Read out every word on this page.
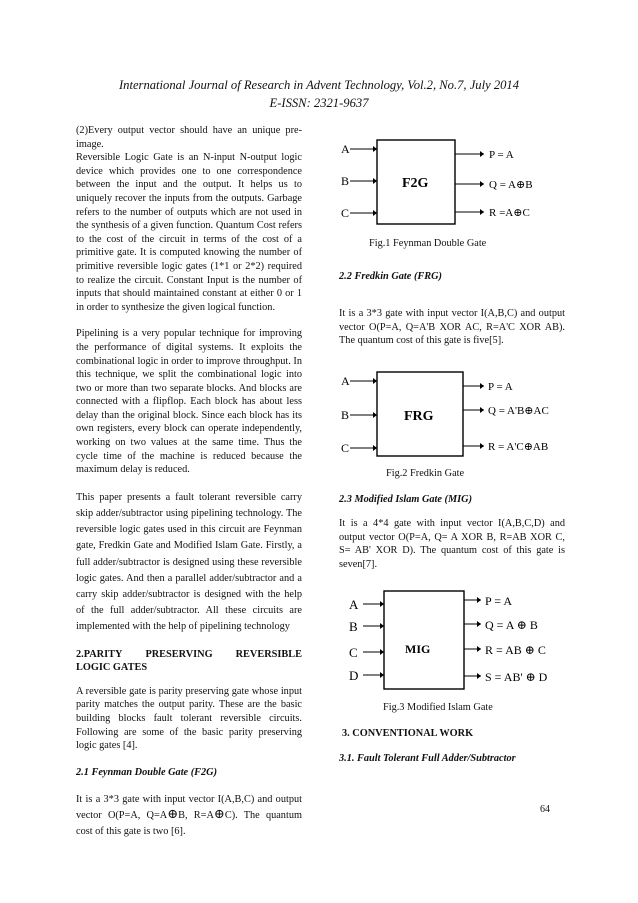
International Journal of Research in Advent Technology, Vol.2, No.7, July 2014
E-ISSN: 2321-9637

(2)Every output vector should have an unique pre-image.

Reversible Logic Gate is an N-input N-output logic device which provides one to one correspondence between the input and the output. It helps us to uniquely recover the inputs from the outputs. Garbage refers to the number of outputs which are not used in the synthesis of a given function. Quantum Cost refers to the cost of the circuit in terms of the cost of a primitive gate. It is computed knowing the number of primitive reversible logic gates (1*1 or 2*2) required to realize the circuit. Constant Input is the number of inputs that should maintained constant at either 0 or 1 in order to synthesize the given logical function.

Pipelining is a very popular technique for improving the performance of digital systems. It exploits the combinational logic in order to improve throughput. In this technique, we split the combinational logic into two or more than two separate blocks. And blocks are connected with a flipflop. Each block has about less delay than the original block. Since each block has its own registers, every block can operate independently, working on two values at the same time. Thus the cycle time of the machine is reduced because the maximum delay is reduced.

This paper presents a fault tolerant reversible carry skip adder/subtractor using pipelining technology. The reversible logic gates used in this circuit are Feynman gate, Fredkin Gate and Modified Islam Gate. Firstly, a full adder/subtractor is designed using these reversible logic gates. And then a parallel adder/subtractor and a carry skip adder/subtractor is designed with the help of the full adder/subtractor. All these circuits are implemented with the help of pipelining technology

2.PARITY PRESERVING REVERSIBLE

LOGIC GATES

A reversible gate is parity preserving gate whose input parity matches the output parity. These are the basic building blocks fault tolerant reversible circuits. Following are some of the basic parity preserving logic gates [4].

2.1 Feynman Double Gate (F2G)

It is a 3*3 gate with input vector I(A,B,C) and output vector O(P=A, Q=A⊕B, R=A⊕C). The quantum cost of this gate is two [6].

A
B
C
F2G
P = A
Q = A⊕B
R =A⊕C
Fig.1 Feynman Double Gate
2.2 Fredkin Gate (FRG)

It is a 3*3 gate with input vector I(A,B,C) and output vector O(P=A, Q=A'B XOR AC, R=A'C XOR AB). The quantum cost of this gate is five[5].

A
B
C
FRG
P = A
Q = A'B⊕AC
R = A'C⊕AB
Fig.2 Fredkin Gate
2.3 Modified Islam Gate (MIG)

It is a 4*4 gate with input vector I(A,B,C,D) and output vector O(P=A, Q= A XOR B, R=AB XOR C, S= AB' XOR D). The quantum cost of this gate is seven[7].

A
B
C
D
MIG
P = A
Q = A ⊕ B
R = AB ⊕ C
S = AB' ⊕ D
Fig.3 Modified Islam Gate
3. CONVENTIONAL WORK
3.1. Fault Tolerant Full Adder/Subtractor
64
